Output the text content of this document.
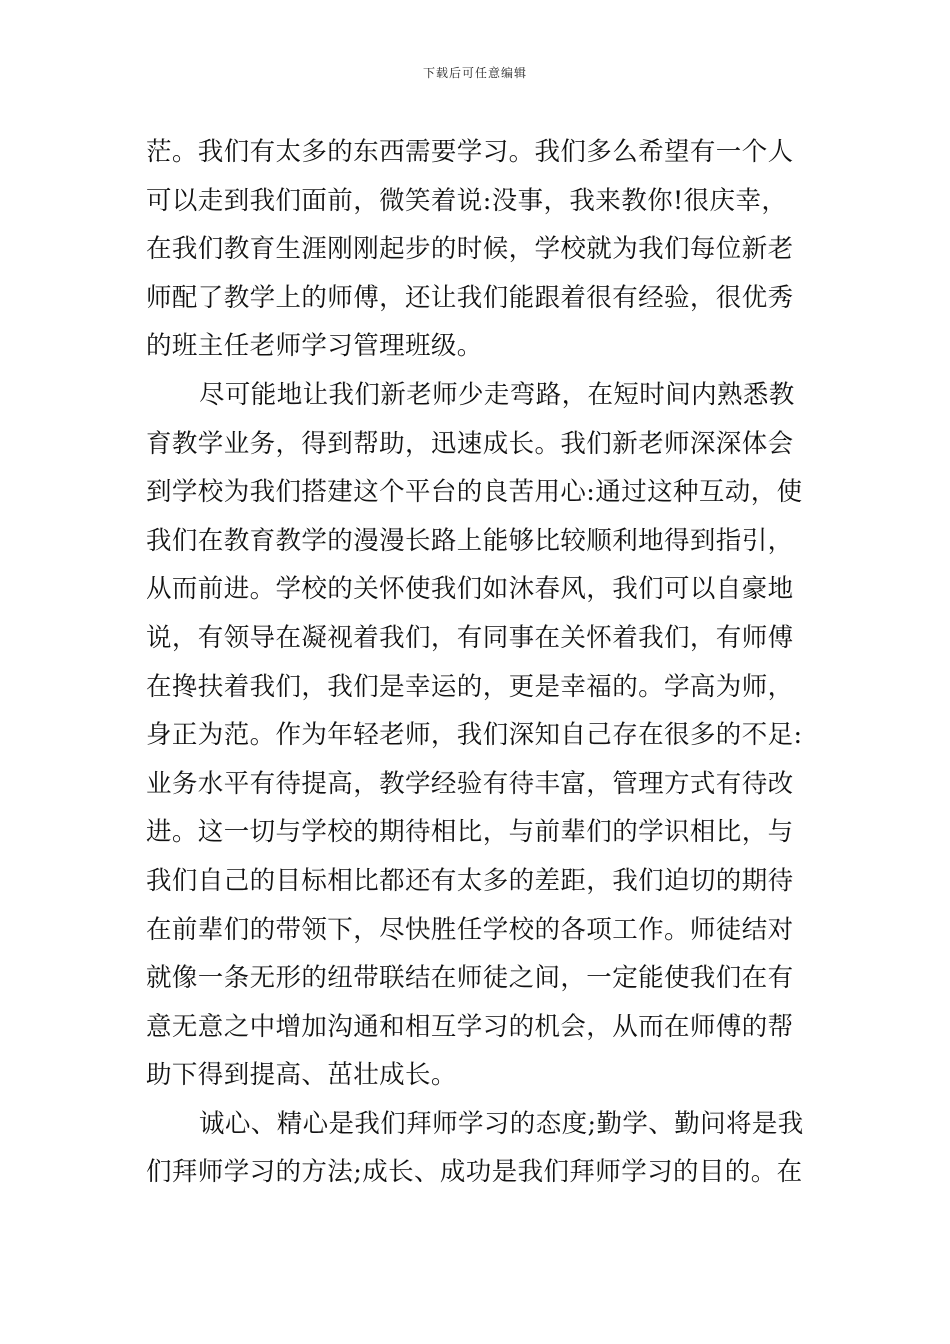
下载后可任意编辑
茫。我们有太多的东西需要学习。我们多么希望有一个人
可以走到我们面前，微笑着说:没事，我来教你!很庆幸，
在我们教育生涯刚刚起步的时候，学校就为我们每位新老
师配了教学上的师傅，还让我们能跟着很有经验，很优秀
的班主任老师学习管理班级。
尽可能地让我们新老师少走弯路，在短时间内熟悉教
育教学业务，得到帮助，迅速成长。我们新老师深深体会
到学校为我们搭建这个平台的良苦用心:通过这种互动，使
我们在教育教学的漫漫长路上能够比较顺利地得到指引，
从而前进。学校的关怀使我们如沐春风，我们可以自豪地
说，有领导在凝视着我们，有同事在关怀着我们，有师傅
在搀扶着我们，我们是幸运的，更是幸福的。学高为师，
身正为范。作为年轻老师，我们深知自己存在很多的不足:
业务水平有待提高，教学经验有待丰富，管理方式有待改
进。这一切与学校的期待相比，与前辈们的学识相比，与
我们自己的目标相比都还有太多的差距，我们迫切的期待
在前辈们的带领下，尽快胜任学校的各项工作。师徒结对
就像一条无形的纽带联结在师徒之间，一定能使我们在有
意无意之中增加沟通和相互学习的机会，从而在师傅的帮
助下得到提高、茁壮成长。
诚心、精心是我们拜师学习的态度;勤学、勤问将是我
们拜师学习的方法;成长、成功是我们拜师学习的目的。在
